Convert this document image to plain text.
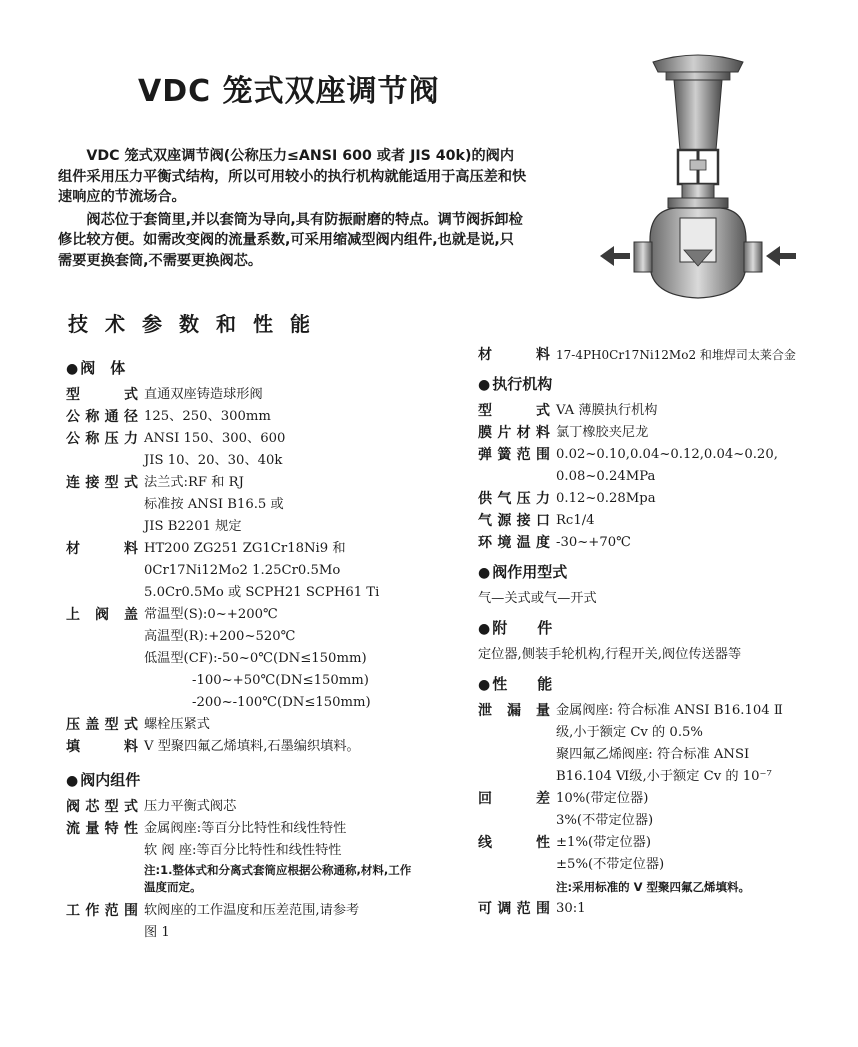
VDC 笼式双座调节阀

VDC 笼式双座调节阀(公称压力≤ANSI 600 或者 JIS 40k)的阀内组件采用压力平衡式结构，所以可用较小的执行机构就能适用于高压差和快速响应的节流场合。

阀芯位于套筒里,并以套筒为导向,具有防振耐磨的特点。调节阀拆卸检修比较方便。如需改变阀的流量系数,可采用缩减型阀内组件,也就是说,只需要更换套筒,不需要更换阀芯。

技术参数和性能
● 阀　体
型　式 直通双座铸造球形阀
公称通径 125、250、300mm
公称压力 ANSI 150、300、600
JIS 10、20、30、40k
连接型式 法兰式:RF 和 RJ
标准按 ANSI B16.5 或
JIS B2201 规定
材　料 HT200 ZG251 ZG1Cr18Ni9 和
0Cr17Ni12Mo2 1.25Cr0.5Mo
5.0Cr0.5Mo 或 SCPH21 SCPH61 Ti
上 阀 盖 常温型(S):0~+200℃
高温型(R):+200~520℃
低温型(CF):-50~0℃(DN≤150mm)
-100~+50℃(DN≤150mm)
-200~-100℃(DN≤150mm)
压盖型式 螺栓压紧式
填　料 V 型聚四氟乙烯填料,石墨编织填料。
● 阀内组件
阀芯型式 压力平衡式阀芯
流量特性 金属阀座:等百分比特性和线性特性
软 阀 座:等百分比特性和线性特性
注:1.整体式和分离式套筒应根据公称通称,材料,工作温度而定。
工作范围 软阀座的工作温度和压差范围,请参考
图 1
材　料 17-4PH0Cr17Ni12Mo2 和堆焊司太莱合金
● 执行机构
型　式 VA 薄膜执行机构
膜片材料 氯丁橡胶夹尼龙
弹簧范围 0.02~0.10,0.04~0.12,0.04~0.20,
0.08~0.24MPa
供气压力 0.12~0.28Mpa
气源接口 Rc1/4
环境温度 -30~+70℃
● 阀作用型式
气—关式或气—开式
● 附　　件
定位器,侧装手轮机构,行程开关,阀位传送器等
● 性　　能
泄 漏 量 金属阀座: 符合标准 ANSI B16.104 Ⅱ
级,小于额定 Cv 的 0.5%
聚四氟乙烯阀座: 符合标准 ANSI
B16.104 Ⅵ级,小于额定 Cv 的 10⁻⁷
回　差 10%(带定位器)
3%(不带定位器)
线　性 ±1%(带定位器)
±5%(不带定位器)
注:采用标准的 V 型聚四氟乙烯填料。
可调范围 30:1
